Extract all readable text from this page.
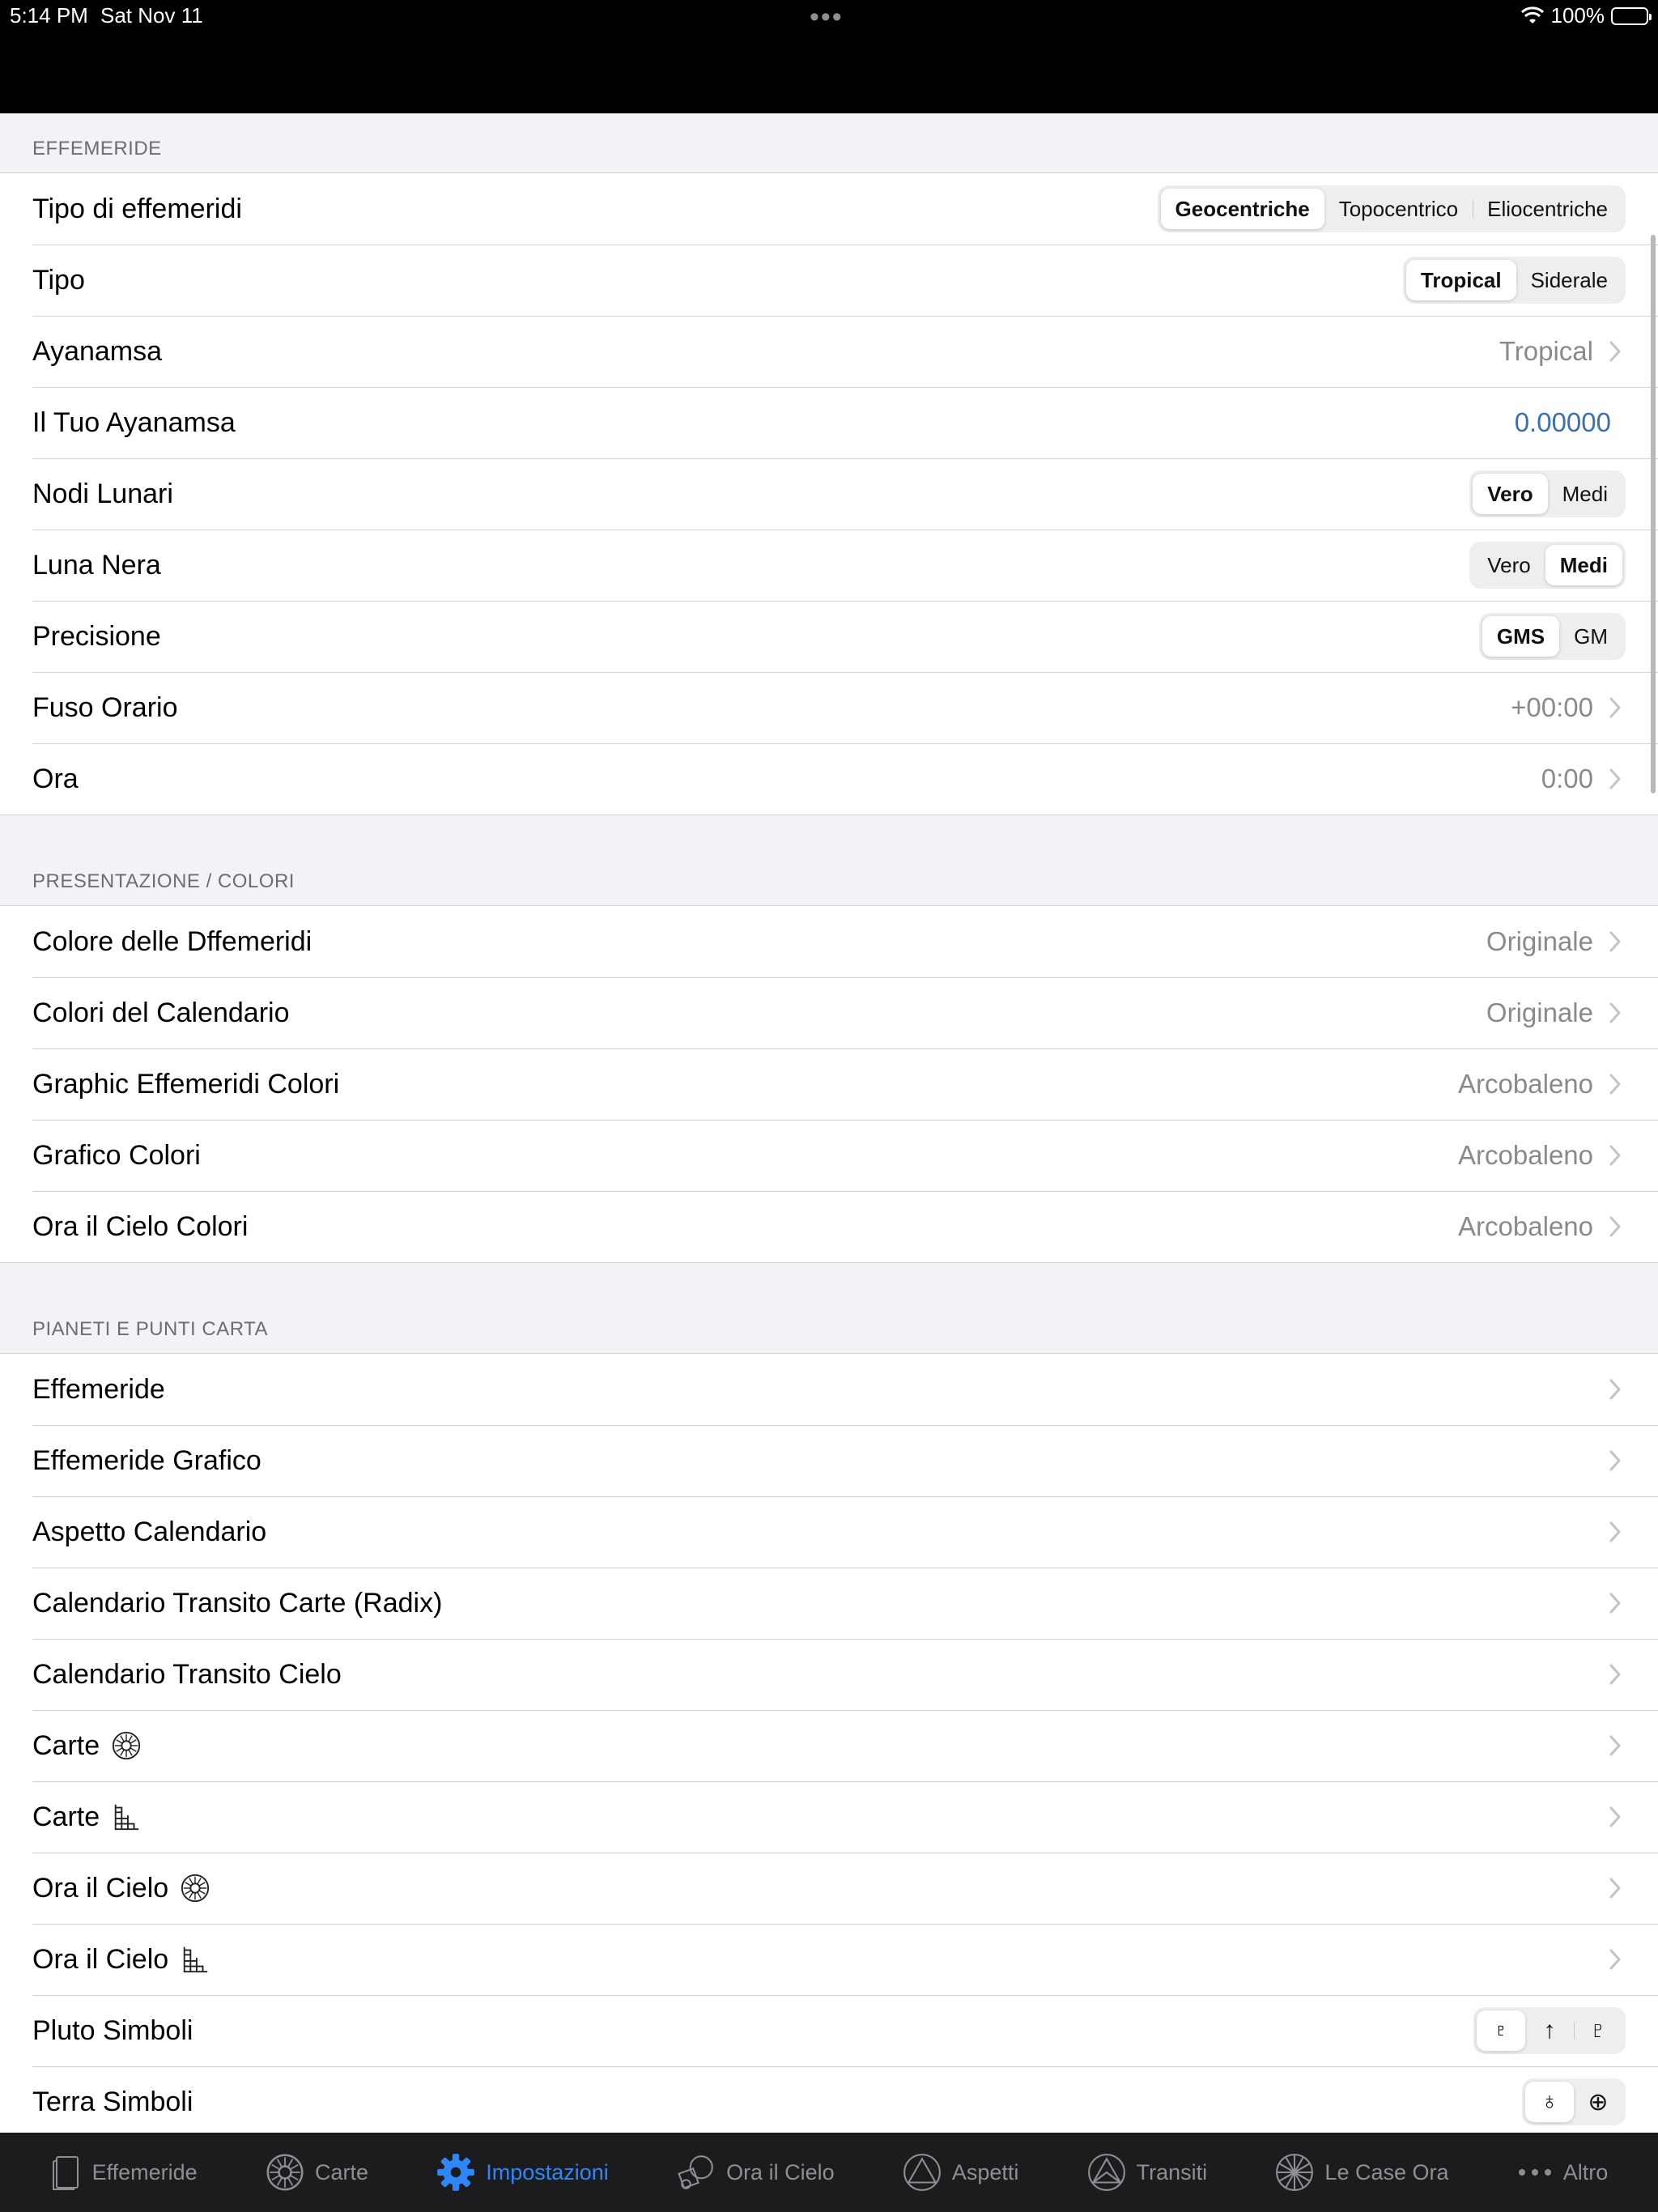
5:14 PM Sat Nov 11	•••	100%
EFFEMERIDE
Tipo di effemeridi	Geocentriche	Topocentrico	Eliocentriche
Tipo	Tropical	Siderale
Ayanamsa	Tropical
Il Tuo Ayanamsa	0.00000
Nodi Lunari	Vero	Medi
Luna Nera	Vero	Medi
Precisione	GMS	GM
Fuso Orario	+00:00
Ora	0:00
PRESENTAZIONE / COLORI
Colore delle Dffemeridi	Originale
Colori del Calendario	Originale
Graphic Effemeridi Colori	Arcobaleno
Grafico Colori	Arcobaleno
Ora il Cielo Colori	Arcobaleno
PIANETI E PUNTI CARTA
Effemeride
Effemeride Grafico
Aspetto Calendario
Calendario Transito Carte (Radix)
Calendario Transito Cielo
Carte
Carte
Ora il Cielo
Ora il Cielo
Pluto Simboli	♇	↑	♇
Terra Simboli	♁	⊕
Effemeride	Carte	Impostazioni	Ora il Cielo	Aspetti	Transiti	Le Case Ora	Altro
